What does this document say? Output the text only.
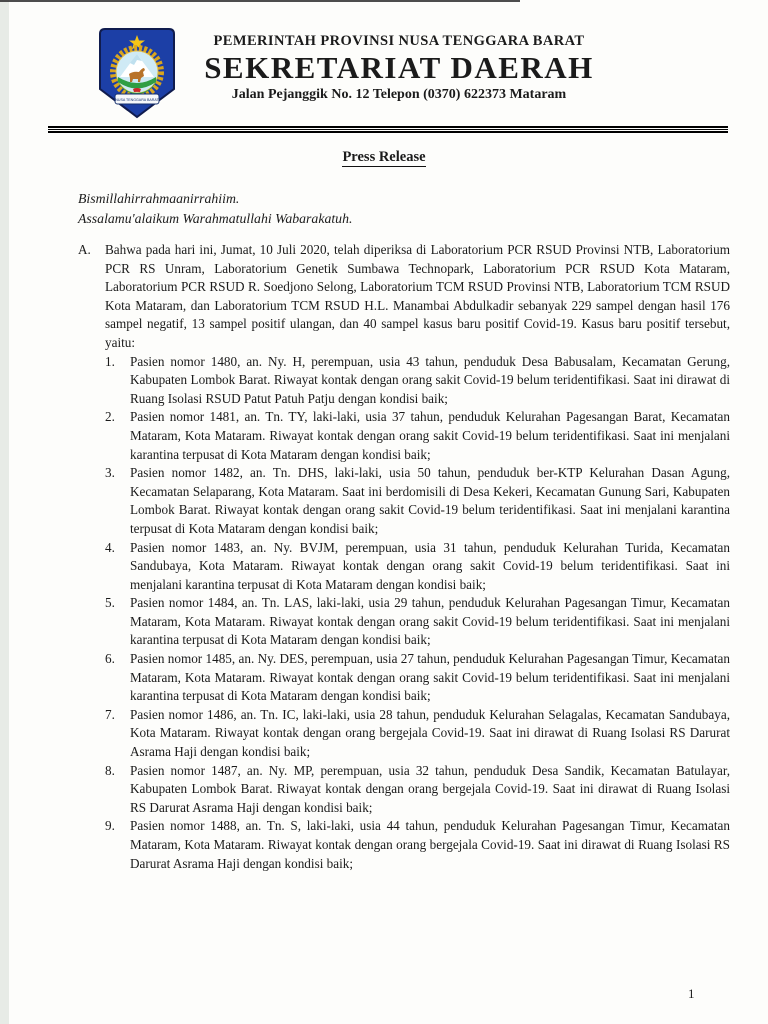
NUSA TENGGARA BARAT
PEMERINTAH PROVINSI NUSA TENGGARA BARAT
SEKRETARIAT DAERAH
Jalan Pejanggik No. 12 Telepon (0370) 622373 Mataram
Press Release

Bismillahirrahmaanirrahiim.

Assalamu'alaikum Warahmatullahi Wabarakatuh.

A.	Bahwa pada hari ini, Jumat, 10 Juli 2020, telah diperiksa di Laboratorium PCR RSUD Provinsi NTB, Laboratorium PCR RS Unram, Laboratorium Genetik Sumbawa Technopark, Laboratorium PCR RSUD Kota Mataram, Laboratorium PCR RSUD R. Soedjono Selong, Laboratorium TCM RSUD Provinsi NTB, Laboratorium TCM RSUD Kota Mataram, dan Laboratorium TCM RSUD H.L. Manambai Abdulkadir sebanyak 229 sampel dengan hasil 176 sampel negatif, 13 sampel positif ulangan, dan 40 sampel kasus baru positif Covid-19. Kasus baru positif tersebut, yaitu:

1.	Pasien nomor 1480, an. Ny. H, perempuan, usia 43 tahun, penduduk Desa Babusalam, Kecamatan Gerung, Kabupaten Lombok Barat. Riwayat kontak dengan orang sakit Covid-19 belum teridentifikasi. Saat ini dirawat di Ruang Isolasi RSUD Patut Patuh Patju dengan kondisi baik;
2.	Pasien nomor 1481, an. Tn. TY, laki-laki, usia 37 tahun, penduduk Kelurahan Pagesangan Barat, Kecamatan Mataram, Kota Mataram. Riwayat kontak dengan orang sakit Covid-19 belum teridentifikasi. Saat ini menjalani karantina terpusat di Kota Mataram dengan kondisi baik;
3.	Pasien nomor 1482, an. Tn. DHS, laki-laki, usia 50 tahun, penduduk ber-KTP Kelurahan Dasan Agung, Kecamatan Selaparang, Kota Mataram. Saat ini berdomisili di Desa Kekeri, Kecamatan Gunung Sari, Kabupaten Lombok Barat. Riwayat kontak dengan orang sakit Covid-19 belum teridentifikasi. Saat ini menjalani karantina terpusat di Kota Mataram dengan kondisi baik;
4.	Pasien nomor 1483, an. Ny. BVJM, perempuan, usia 31 tahun, penduduk Kelurahan Turida, Kecamatan Sandubaya, Kota Mataram. Riwayat kontak dengan orang sakit Covid-19 belum teridentifikasi. Saat ini menjalani karantina terpusat di Kota Mataram dengan kondisi baik;
5.	Pasien nomor 1484, an. Tn. LAS, laki-laki, usia 29 tahun, penduduk Kelurahan Pagesangan Timur, Kecamatan Mataram, Kota Mataram. Riwayat kontak dengan orang sakit Covid-19 belum teridentifikasi. Saat ini menjalani karantina terpusat di Kota Mataram dengan kondisi baik;
6.	Pasien nomor 1485, an. Ny. DES, perempuan, usia 27 tahun, penduduk Kelurahan Pagesangan Timur, Kecamatan Mataram, Kota Mataram. Riwayat kontak dengan orang sakit Covid-19 belum teridentifikasi. Saat ini menjalani karantina terpusat di Kota Mataram dengan kondisi baik;
7.	Pasien nomor 1486, an. Tn. IC, laki-laki, usia 28 tahun, penduduk Kelurahan Selagalas, Kecamatan Sandubaya, Kota Mataram. Riwayat kontak dengan orang bergejala Covid-19. Saat ini dirawat di Ruang Isolasi RS Darurat Asrama Haji dengan kondisi baik;
8.	Pasien nomor 1487, an. Ny. MP, perempuan, usia 32 tahun, penduduk Desa Sandik, Kecamatan Batulayar, Kabupaten Lombok Barat. Riwayat kontak dengan orang bergejala Covid-19. Saat ini dirawat di Ruang Isolasi RS Darurat Asrama Haji dengan kondisi baik;
9.	Pasien nomor 1488, an. Tn. S, laki-laki, usia 44 tahun, penduduk Kelurahan Pagesangan Timur, Kecamatan Mataram, Kota Mataram. Riwayat kontak dengan orang bergejala Covid-19. Saat ini dirawat di Ruang Isolasi RS Darurat Asrama Haji dengan kondisi baik;
1
